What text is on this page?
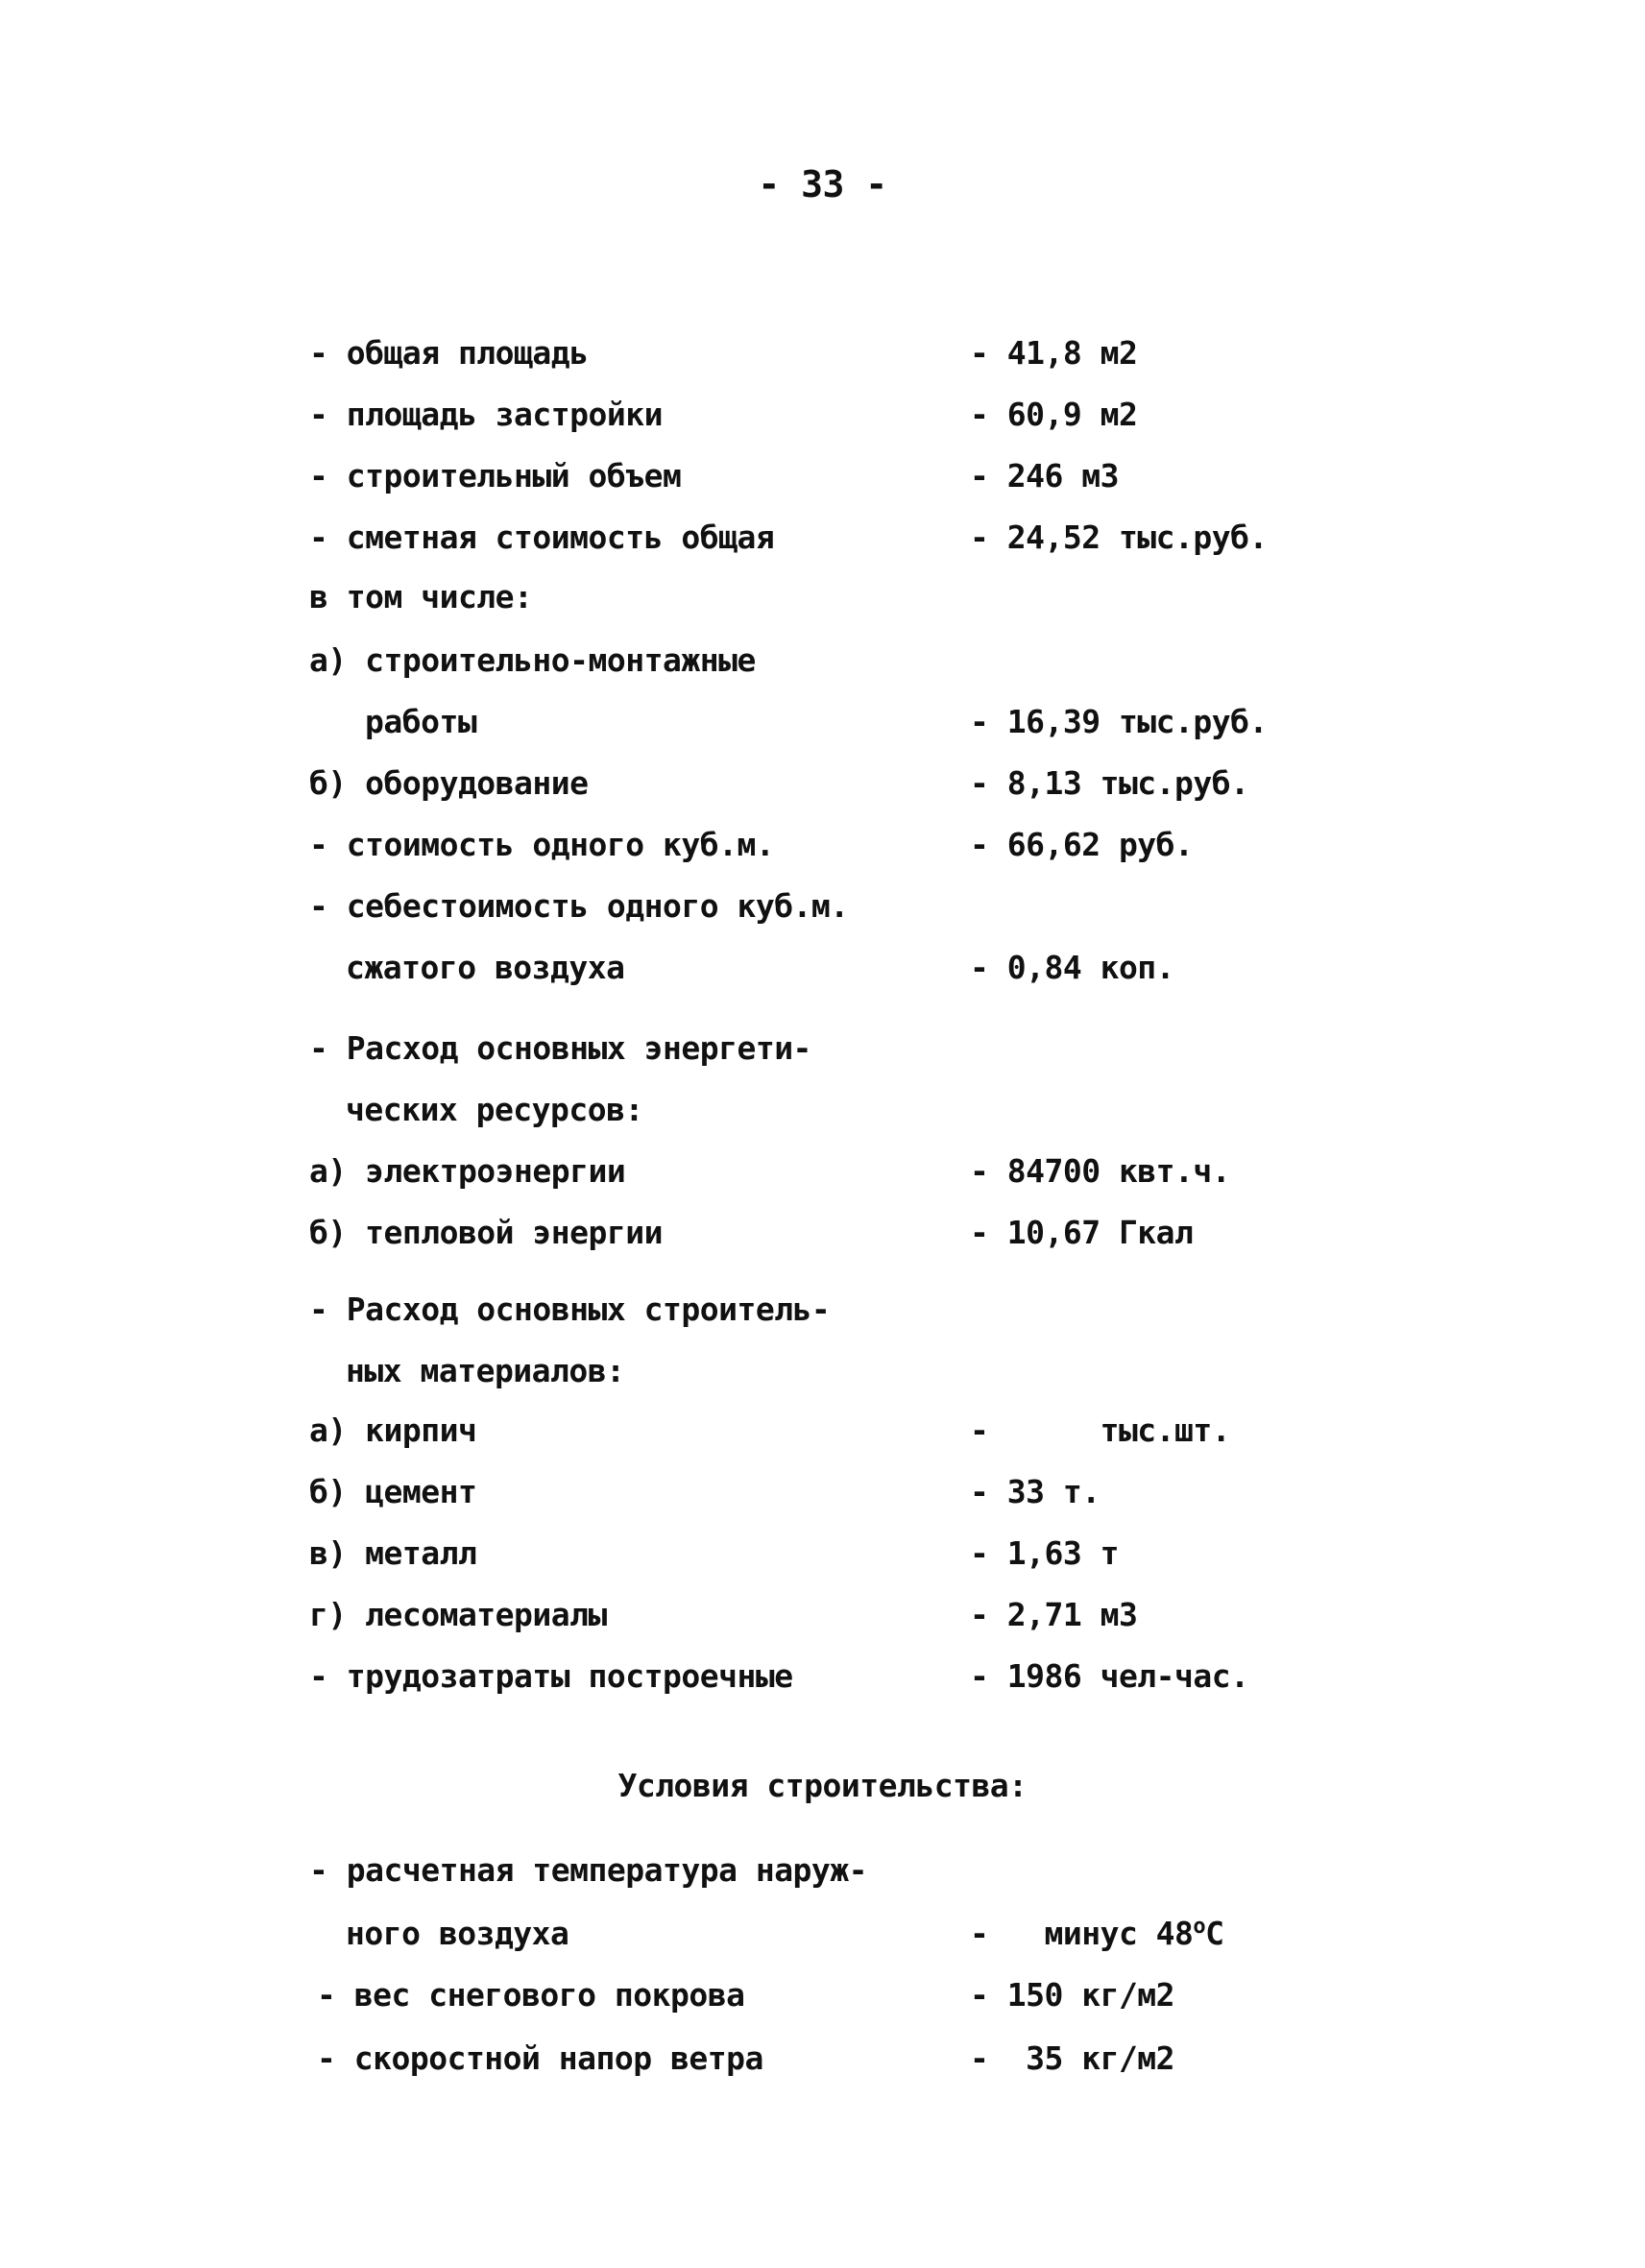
- 33 -
- общая площадь	- 41,8 м2
- площадь застройки	- 60,9 м2
- строительный объем	- 246 м3
- сметная стоимость общая	- 24,52 тыс.руб.
в том числе:
а) строительно-монтажные
работы	- 16,39 тыс.руб.
б) оборудование	- 8,13 тыс.руб.
- стоимость одного куб.м.	- 66,62 руб.
- себестоимость одного куб.м.
сжатого воздуха	- 0,84 коп.
- Расход основных энергети-
ческих ресурсов:
а) электроэнергии	- 84700 квт.ч.
б) тепловой энергии	- 10,67 Гкал
- Расход основных строитель-
ных материалов:
а) кирпич	-      тыс.шт.
б) цемент	- 33 т.
в) металл	- 1,63 т
г) лесоматериалы	- 2,71 м3
- трудозатраты построечные	- 1986 чел-час.
Условия строительства:
- расчетная температура наруж-
ного воздуха	-   минус $48^оС$
- вес снегового покрова	- 150 кг/м2
- скоростной напор ветра	-  35 кг/м2
